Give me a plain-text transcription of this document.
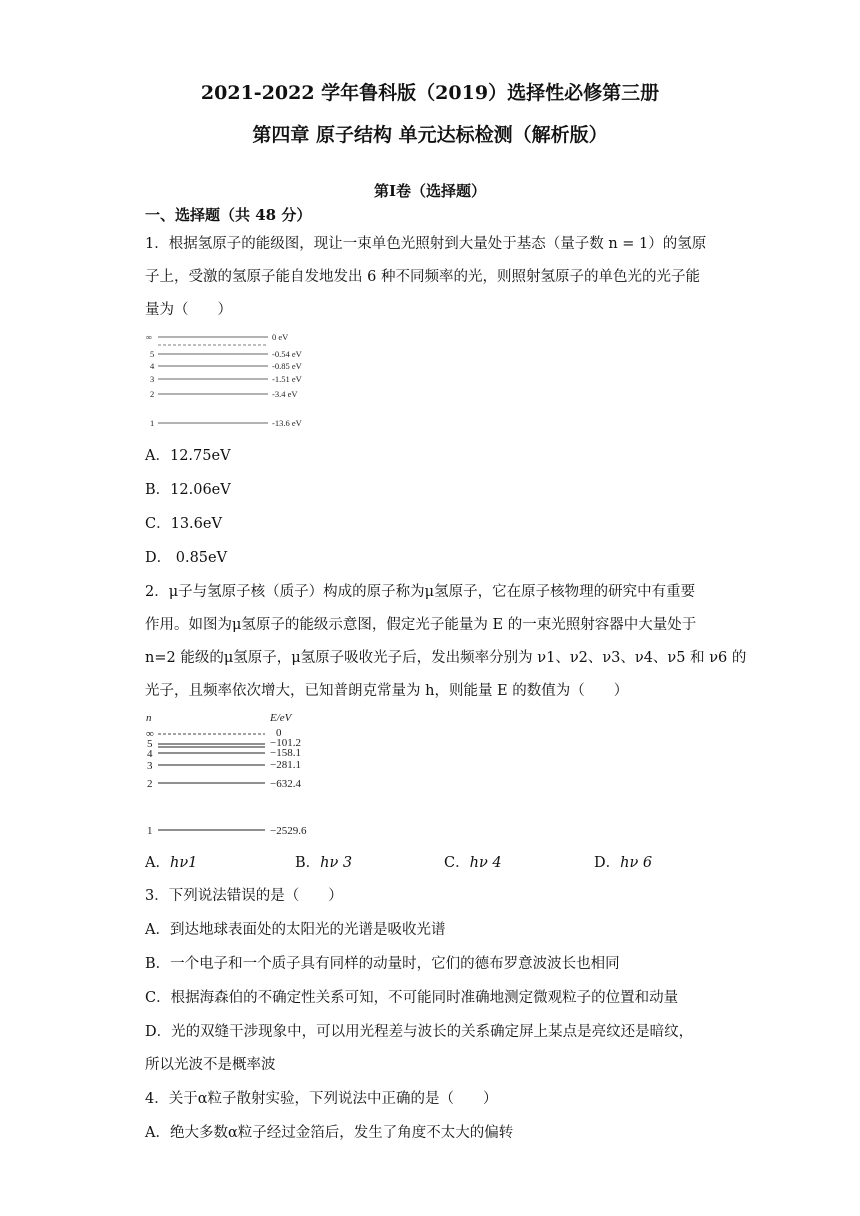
2021-2022 学年鲁科版（2019）选择性必修第三册
第四章 原子结构 单元达标检测（解析版）
第Ⅰ卷（选择题）
一、选择题（共 48 分）
1．根据氢原子的能级图，现让一束单色光照射到大量处于基态（量子数 n = 1）的氢原
子上，受激的氢原子能自发地发出 6 种不同频率的光，则照射氢原子的单色光的光子能
量为（　　）
∞
5
4
3
2
1
0 eV
-0.54 eV
-0.85 eV
-1.51 eV
-3.4 eV
-13.6 eV
A．12.75eV
B．12.06eV
C．13.6eV
D． 0.85eV
2．μ子与氢原子核（质子）构成的原子称为μ氢原子，它在原子核物理的研究中有重要
作用。如图为μ氢原子的能级示意图，假定光子能量为 E 的一束光照射容器中大量处于
n=2 能级的μ氢原子，μ氢原子吸收光子后，发出频率分别为 ν1、ν2、ν3、ν4、ν5 和 ν6 的
光子，且频率依次增大，已知普朗克常量为 h，则能量 E 的数值为（　　）
n	E/eV
∞
5
4
3
2
1
0
−101.2
−158.1
−281.1
−632.4
−2529.6
A．hν1	B．hν 3	C．hν 4	D．hν 6
3．下列说法错误的是（　　）
A．到达地球表面处的太阳光的光谱是吸收光谱
B．一个电子和一个质子具有同样的动量时，它们的德布罗意波波长也相同
C．根据海森伯的不确定性关系可知，不可能同时准确地测定微观粒子的位置和动量
D．光的双缝干涉现象中，可以用光程差与波长的关系确定屏上某点是亮纹还是暗纹，
所以光波不是概率波
4．关于α粒子散射实验，下列说法中正确的是（　　）
A．绝大多数α粒子经过金箔后，发生了角度不太大的偏转
